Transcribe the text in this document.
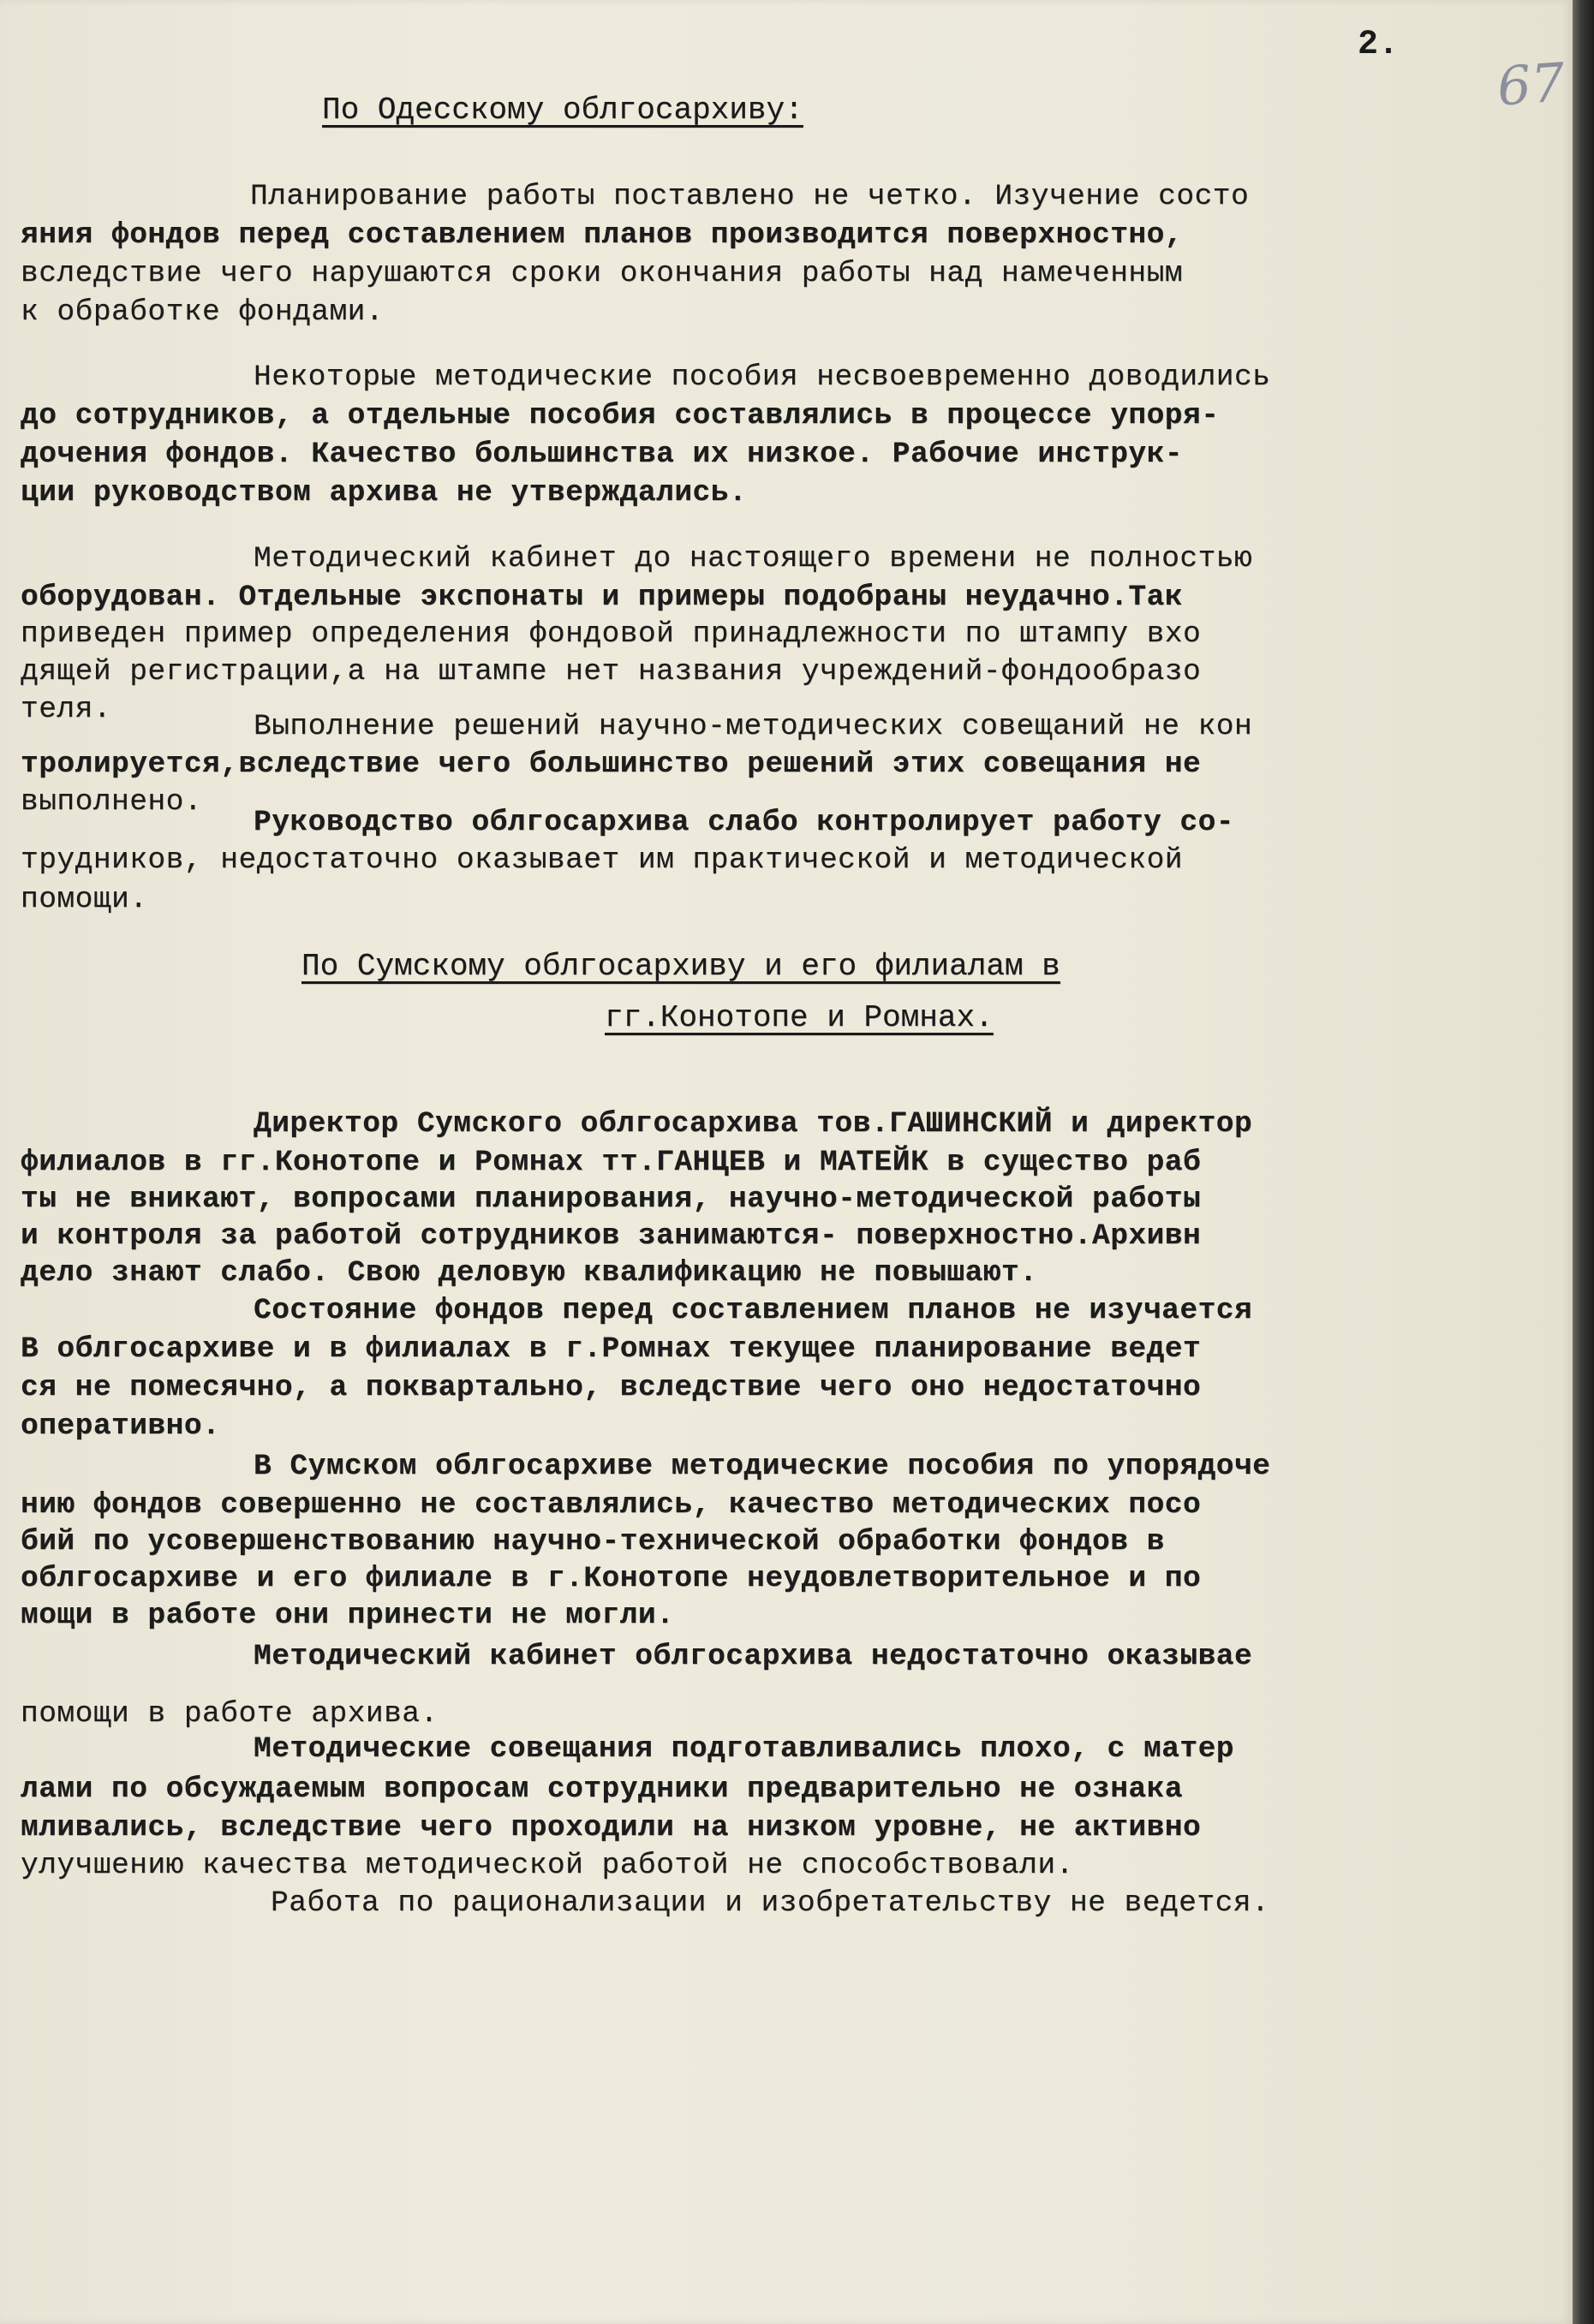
2.
67
По Одесскому облгосархиву:
Планирование работы поставлено не четко. Изучение состо
яния фондов перед составлением планов производится поверхностно,
вследствие чего нарушаются сроки окончания работы над намеченным
к обработке фондами.
Некоторые методические пособия несвоевременно доводились
до сотрудников, а отдельные пособия составлялись в процессе упоря-
дочения фондов. Качество большинства их низкое. Рабочие инструк-
ции руководством архива не утверждались.
Методический кабинет до настоящего времени не полностью
оборудован. Отдельные экспонаты и примеры подобраны неудачно.Так
приведен пример определения фондовой принадлежности по штампу вхо
дящей регистрации,а на штампе нет названия учреждений-фондообразо
теля.
Выполнение решений научно-методических совещаний не кон
тролируется,вследствие чего большинство решений этих совещания не
выполнено.
Руководство облгосархива слабо контролирует работу со-
трудников, недостаточно оказывает им практической и методической
помощи.
По Сумскому облгосархиву и его филиалам в
гг.Конотопе и Ромнах.
Директор Сумского облгосархива тов.ГАШИНСКИЙ и директор
филиалов в гг.Конотопе и Ромнах тт.ГАНЦЕВ и МАТЕЙК в существо раб
ты не вникают, вопросами планирования, научно-методической работы
и контроля за работой сотрудников занимаются- поверхностно.Архивн
дело знают слабо. Свою деловую квалификацию не повышают.
Состояние фондов перед составлением планов не изучается
В облгосархиве и в филиалах в г.Ромнах текущее планирование ведет
ся не помесячно, а поквартально, вследствие чего оно недостаточно
оперативно.
В Сумском облгосархиве методические пособия по упорядоче
нию фондов совершенно не составлялись, качество методических посо
бий по усовершенствованию научно-технической обработки фондов в
облгосархиве и его филиале в г.Конотопе неудовлетворительное и по
мощи в работе они принести не могли.
Методический кабинет облгосархива недостаточно оказывае
помощи в работе архива.
Методические совещания подготавливались плохо, с матер
лами по обсуждаемым вопросам сотрудники предварительно не ознака
мливались, вследствие чего проходили на низком уровне, не активно
улучшению качества методической работой не способствовали.
Работа по рационализации и изобретательству не ведется.
